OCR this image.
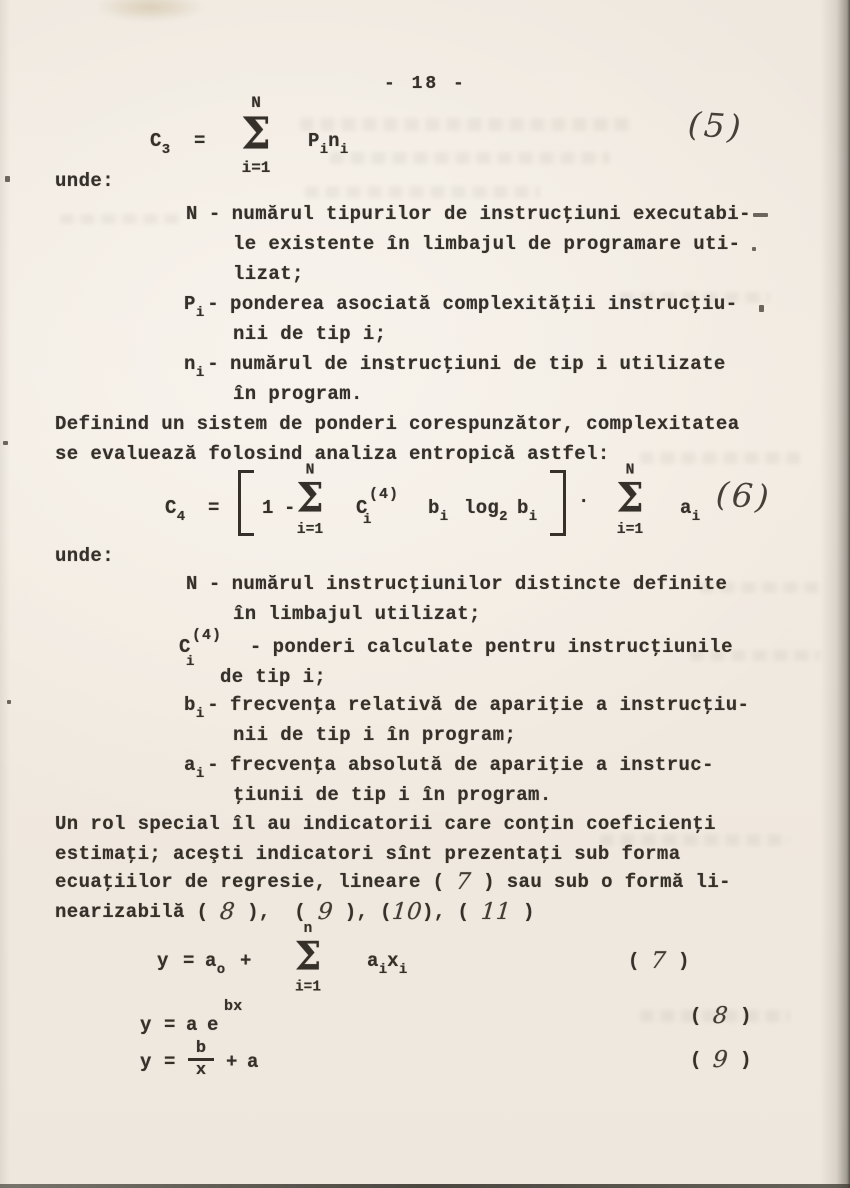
- 18 -
$C_3$ =
N
Σ
i=1
$P_in_i$
(5)
unde:
N - numărul tipurilor de instrucţiuni executabi-
le existente în limbajul de programare uti-
lizat;
$P_i$ - ponderea asociată complexităţii instrucţiu-
nii de tip i;
$n_i$ - numărul de instrucţiuni de tip i utilizate
în program.
Definind un sistem de ponderi corespunzător, complexitatea
se evaluează folosind analiza entropică astfel:
$C_4 = 1$ -
N
Σ
i=1
C
(4)
i
$b_i$ $\log_2 b_i$
·
N
Σ
i=1
$a_i$
(6)
unde:
N - numărul instrucţiunilor distincte definite
în limbajul utilizat;
C
(4)
i
- ponderi calculate pentru instrucţiunile
de tip i;
$b_i$ - frecvenţa relativă de apariţie a instrucţiu-
nii de tip i în program;
$a_i$ - frecvenţa absolută de apariţie a instruc-
ţiunii de tip i în program.
Un rol special îl au indicatorii care conţin coeficienţi
estimaţi; aceşti indicatori sînt prezentaţi sub forma
ecuaţiilor de regresie, lineare ( 7 ) sau sub o formă li-
nearizabilă ( 8 ),  ( 9 ), (10), ( 11 )
$y = a_o$ +
n
Σ
i=1
$a_ix_i$	( 7 )
y = a e
bx	( 8 )
y =
b
x	+ a	( 9 )
